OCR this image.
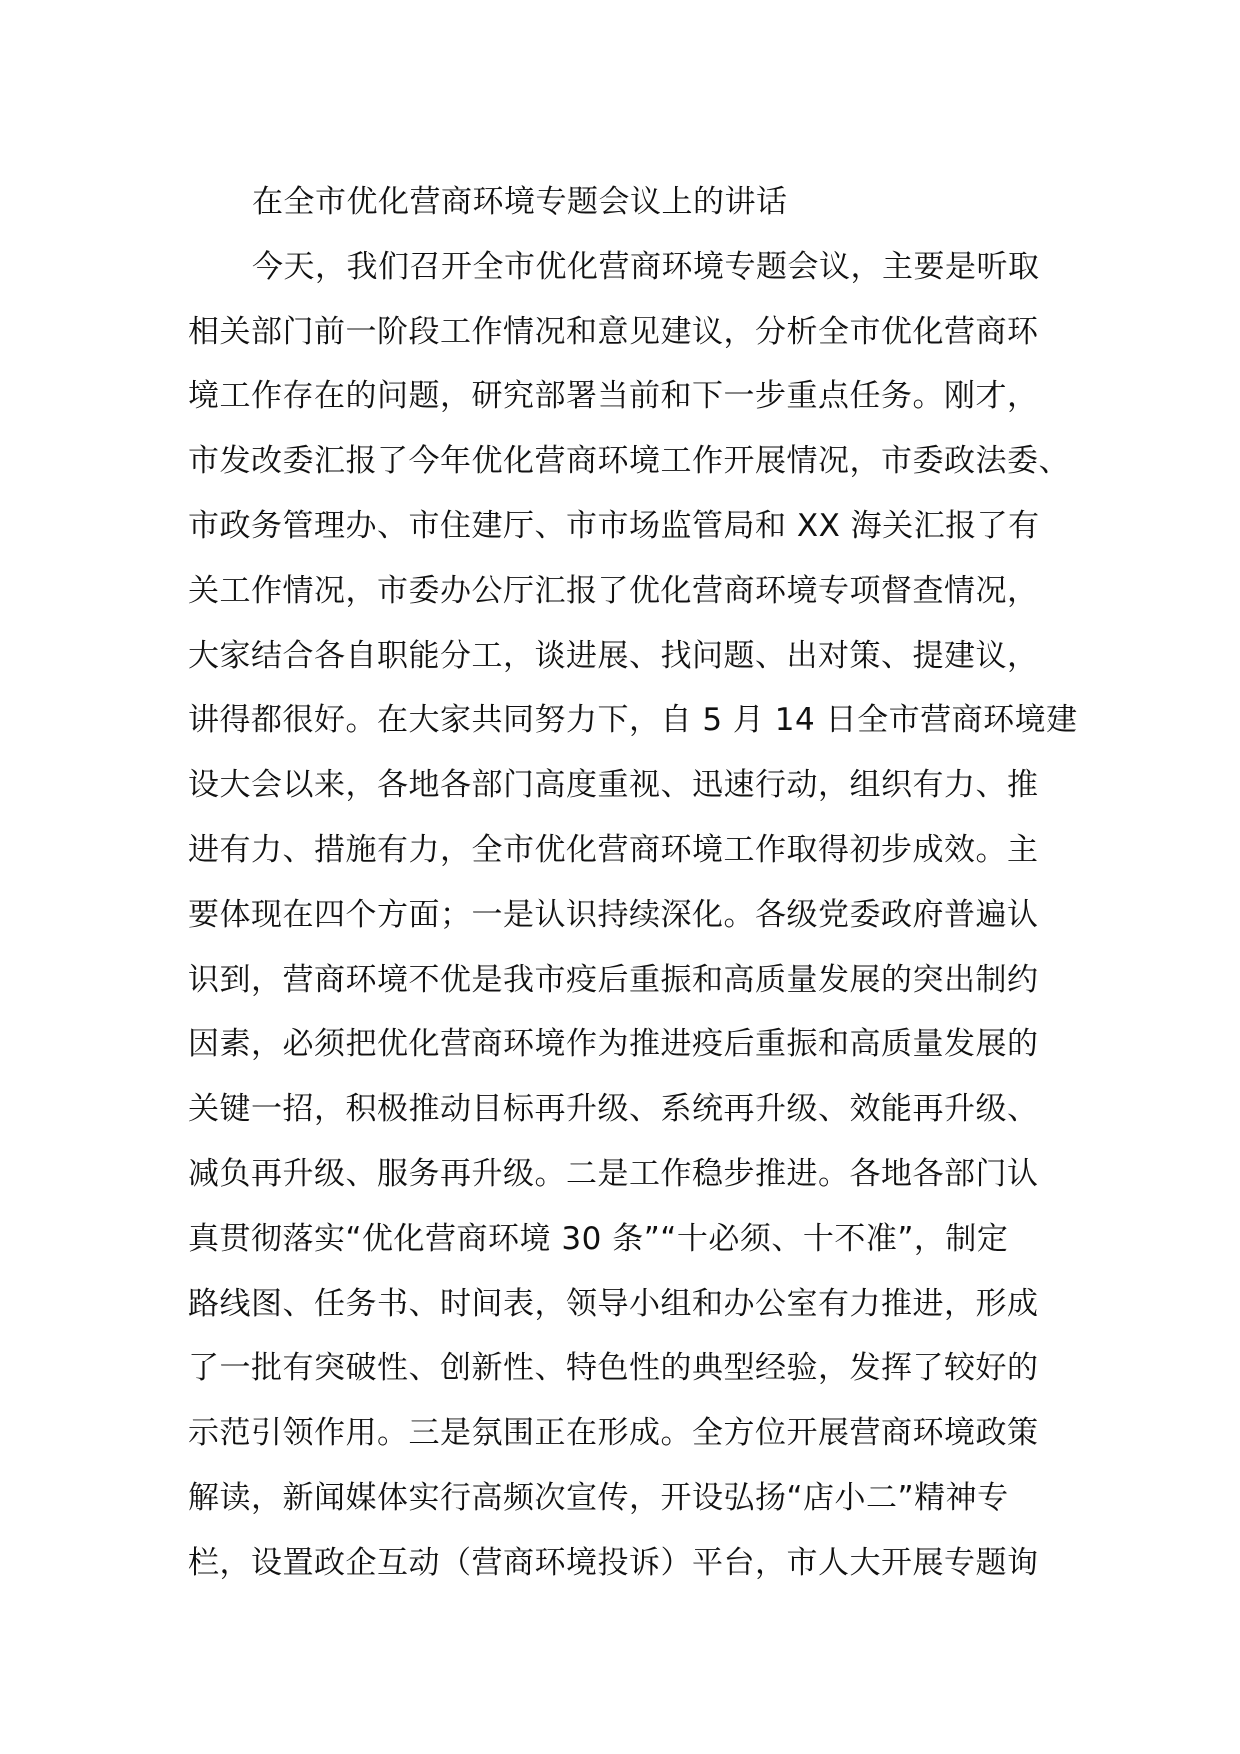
在全市优化营商环境专题会议上的讲话
今天，我们召开全市优化营商环境专题会议，主要是听取
相关部门前一阶段工作情况和意见建议，分析全市优化营商环
境工作存在的问题，研究部署当前和下一步重点任务。刚才，
市发改委汇报了今年优化营商环境工作开展情况，市委政法委、
市政务管理办、市住建厅、市市场监管局和 XX 海关汇报了有
关工作情况，市委办公厅汇报了优化营商环境专项督查情况，
大家结合各自职能分工，谈进展、找问题、出对策、提建议，
讲得都很好。在大家共同努力下，自 5 月 14 日全市营商环境建
设大会以来，各地各部门高度重视、迅速行动，组织有力、推
进有力、措施有力，全市优化营商环境工作取得初步成效。主
要体现在四个方面；一是认识持续深化。各级党委政府普遍认
识到，营商环境不优是我市疫后重振和高质量发展的突出制约
因素，必须把优化营商环境作为推进疫后重振和高质量发展的
关键一招，积极推动目标再升级、系统再升级、效能再升级、
减负再升级、服务再升级。二是工作稳步推进。各地各部门认
真贯彻落实“优化营商环境 30 条”“十必须、十不准”，制定
路线图、任务书、时间表，领导小组和办公室有力推进，形成
了一批有突破性、创新性、特色性的典型经验，发挥了较好的
示范引领作用。三是氛围正在形成。全方位开展营商环境政策
解读，新闻媒体实行高频次宣传，开设弘扬“店小二”精神专
栏，设置政企互动（营商环境投诉）平台，市人大开展专题询
